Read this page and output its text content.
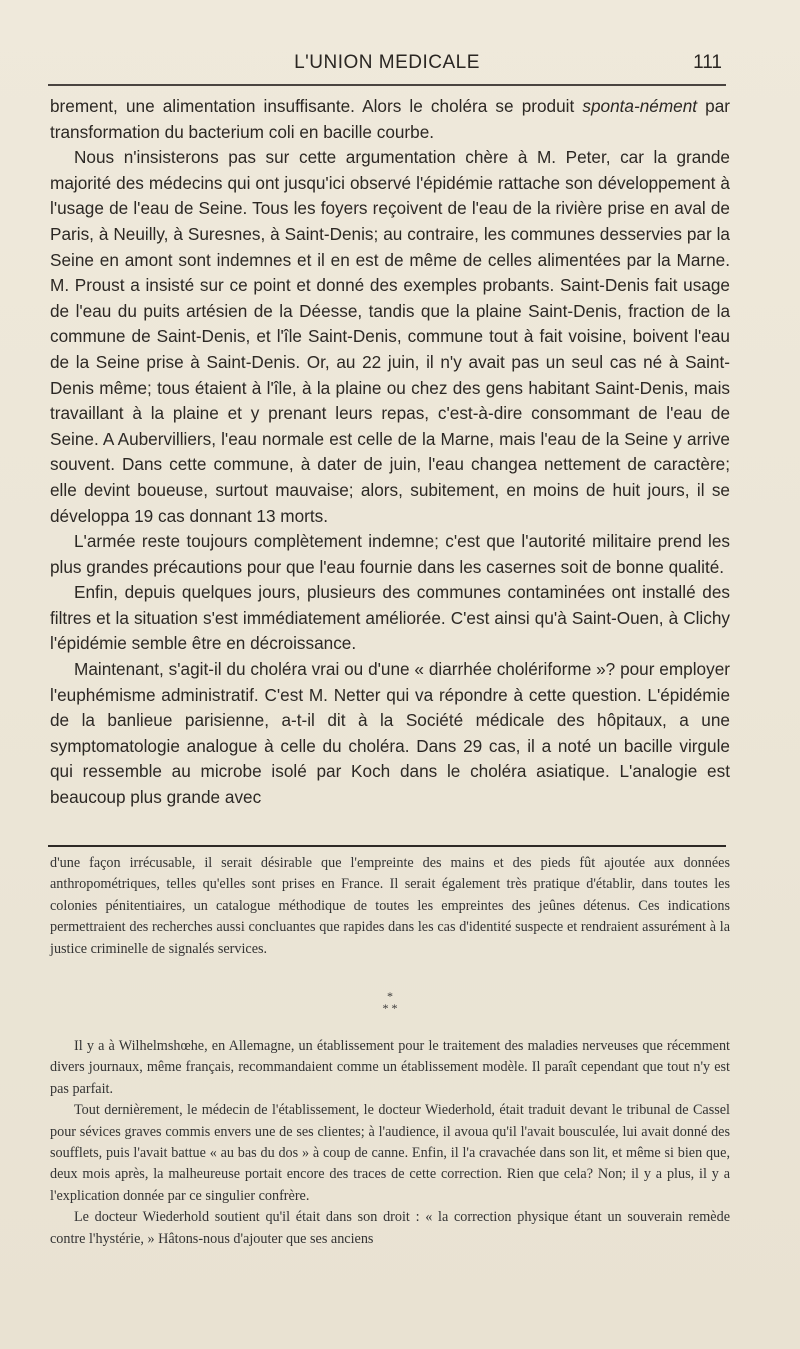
L'UNION MEDICALE	111

brement, une alimentation insuffisante. Alors le choléra se produit sponta-nément par transformation du bacterium coli en bacille courbe.

Nous n'insisterons pas sur cette argumentation chère à M. Peter, car la grande majorité des médecins qui ont jusqu'ici observé l'épidémie rattache son développement à l'usage de l'eau de Seine. Tous les foyers reçoivent de l'eau de la rivière prise en aval de Paris, à Neuilly, à Suresnes, à Saint-Denis; au contraire, les communes desservies par la Seine en amont sont indemnes et il en est de même de celles alimentées par la Marne. M. Proust a insisté sur ce point et donné des exemples probants. Saint-Denis fait usage de l'eau du puits artésien de la Déesse, tandis que la plaine Saint-Denis, fraction de la commune de Saint-Denis, et l'île Saint-Denis, commune tout à fait voisine, boivent l'eau de la Seine prise à Saint-Denis. Or, au 22 juin, il n'y avait pas un seul cas né à Saint-Denis même; tous étaient à l'île, à la plaine ou chez des gens habitant Saint-Denis, mais travaillant à la plaine et y prenant leurs repas, c'est-à-dire consommant de l'eau de Seine. A Aubervilliers, l'eau normale est celle de la Marne, mais l'eau de la Seine y arrive souvent. Dans cette commune, à dater de juin, l'eau changea nettement de caractère; elle devint boueuse, surtout mauvaise; alors, subitement, en moins de huit jours, il se développa 19 cas donnant 13 morts.

L'armée reste toujours complètement indemne; c'est que l'autorité militaire prend les plus grandes précautions pour que l'eau fournie dans les casernes soit de bonne qualité.

Enfin, depuis quelques jours, plusieurs des communes contaminées ont installé des filtres et la situation s'est immédiatement améliorée. C'est ainsi qu'à Saint-Ouen, à Clichy l'épidémie semble être en décroissance.

Maintenant, s'agit-il du choléra vrai ou d'une « diarrhée cholériforme »? pour employer l'euphémisme administratif. C'est M. Netter qui va répondre à cette question. L'épidémie de la banlieue parisienne, a-t-il dit à la Société médicale des hôpitaux, a une symptomatologie analogue à celle du choléra. Dans 29 cas, il a noté un bacille virgule qui ressemble au microbe isolé par Koch dans le choléra asiatique. L'analogie est beaucoup plus grande avec

d'une façon irrécusable, il serait désirable que l'empreinte des mains et des pieds fût ajoutée aux données anthropométriques, telles qu'elles sont prises en France. Il serait également très pratique d'établir, dans toutes les colonies pénitentiaires, un catalogue méthodique de toutes les empreintes des jeûnes détenus. Ces indications permettraient des recherches aussi concluantes que rapides dans les cas d'identité suspecte et rendraient assurément à la justice criminelle de signalés services.

*
* *

Il y a à Wilhelmshœhe, en Allemagne, un établissement pour le traitement des maladies nerveuses que récemment divers journaux, même français, recommandaient comme un établissement modèle. Il paraît cependant que tout n'y est pas parfait.

Tout dernièrement, le médecin de l'établissement, le docteur Wiederhold, était traduit devant le tribunal de Cassel pour sévices graves commis envers une de ses clientes; à l'audience, il avoua qu'il l'avait bousculée, lui avait donné des soufflets, puis l'avait battue « au bas du dos » à coup de canne. Enfin, il l'a cravachée dans son lit, et même si bien que, deux mois après, la malheureuse portait encore des traces de cette correction. Rien que cela? Non; il y a plus, il y a l'explication donnée par ce singulier confrère.

Le docteur Wiederhold soutient qu'il était dans son droit : « la correction physique étant un souverain remède contre l'hystérie, » Hâtons-nous d'ajouter que ses anciens
